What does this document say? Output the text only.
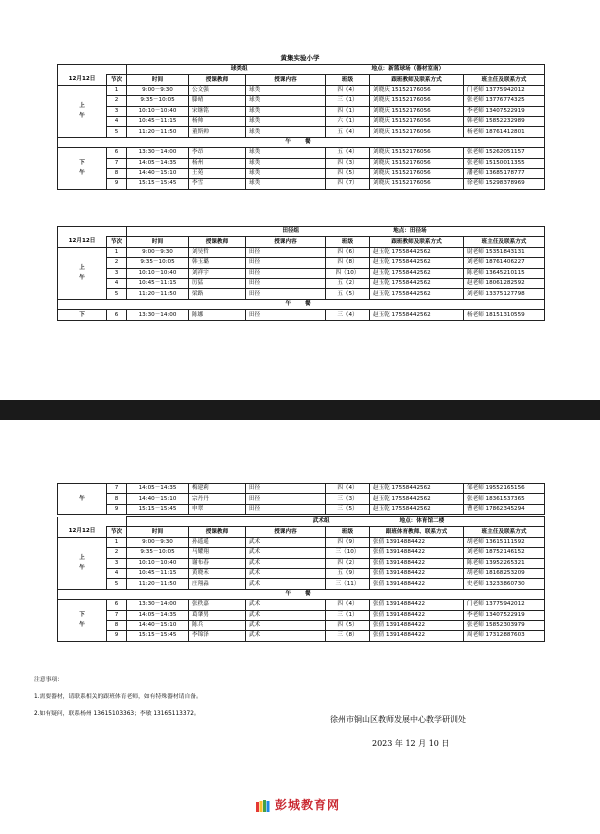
黄集实验小学
		球类组 地点：新篮球场（器材室南）					
12月12日	节次	时间	授课教师	授课内容	班级	跟班教师及联系方式	班主任及联系方式
上
午	1	9:00－9:30	公文强	球类	四（4）	刘晓庆 15152176056	门老师 13775942012
	2	9:35－10:05	滕晴	球类	三（1）	刘晓庆 15152176056	张老师 13776774325
	3	10:10－10:40	宋继铭	球类	四（1）	刘晓庆 15152176056	李老师 13407522919
	4	10:45－11:15	杨帅	球类	六（1）	刘晓庆 15152176056	韩老师 15852232989
	5	11:20－11:50	董斯帅	球类	五（4）	刘晓庆 15152176056	杨老师 18761412801
午 餐							
下
午	6	13:30－14:00	李昂	球类	五（4）	刘晓庆 15152176056	张老师 15262051157
	7	14:05－14:35	杨州	球类	四（3）	刘晓庆 15152176056	张老师 15150011355
	8	14:40－15:10	王苑	球类	四（5）	刘晓庆 15152176056	潘老师 13685178777
	9	15:15－15:45	李雪	球类	四（7）	刘晓庆 15152176056	徐老师 15298378969
		田径组 地点：田径场					
12月12日	节次	时间	授课教师	授课内容	班级	跟班教师及联系方式	班主任及联系方式
上
午	1	9:00－9:30	刘昊哲	田径	四（6）	赵玉乾 17558442562	尉老师 15351843131
	2	9:35－10:05	韩玉璐	田径	四（8）	赵玉乾 17558442562	刘老师 18761406227
	3	10:10－10:40	刘祥宇	田径	四（10）	赵玉乾 17558442562	陈老师 13645210115
	4	10:45－11:15	厉猛	田径	五（2）	赵玉乾 17558442562	赵老师 18061282592
	5	11:20－11:50	梁路	田径	五（5）	赵玉乾 17558442562	刘老师 13375127798
午 餐							
下	6	13:30－14:00	陈娜	田径	三（4）	赵玉乾 17558442562	杨老师 18151310559
午	7	14:05－14:35	梅建莉	田径	四（4）	赵玉乾 17558442562	邹老师 19552165156
	8	14:40－15:10	宗丹丹	田径	三（3）	赵玉乾 17558442562	张老师 18361537365
	9	15:15－15:45	申翠	田径	三（5）	赵玉乾 17558442562	曹老师 17862345294
		武术组 地点：体育馆二楼					
12月12日	节次	时间	授课教师	授课内容	班级	跟班体育教师、联系方式	班主任及联系方式
上
午	1	9:00－9:30	孙遥遥	武术	四（9）	张倩 13914884422	胡老师 13615111592
	2	9:35－10:05	马耀翔	武术	三（10）	张倩 13914884422	刘老师 18752146152
	3	10:10－10:40	谢布春	武术	四（2）	张倩 13914884422	陈老师 13952265321
	4	10:45－11:15	黄晓禾	武术	五（9）	张倩 13914884422	胡老师 18168253209
	5	11:20－11:50	庄翔淼	武术	三（11）	张倩 13914884422	史老师 13233860730
午 餐							
下
午	6	13:30－14:00	张秩嘉	武术	四（4）	张倩 13914884422	门老师 13775942012
	7	14:05－14:35	葛肇男	武术	三（1）	张倩 13914884422	李老师 13407522919
	8	14:40－15:10	陈兵	武术	四（5）	张倩 13914884422	张老师 15852303979
	9	15:15－15:45	李锦泽	武术	三（8）	张倩 13914884422	周老师 17312887603
注意事项：
1.需要器材，请联系相关的跟班体育老师，如有特殊器材请自备。
2.如有疑问，联系杨州 13615103363；李敏 13165113372。
徐州市铜山区教师发展中心教学研训处
2023 年 12 月 10 日
彭城教育网
